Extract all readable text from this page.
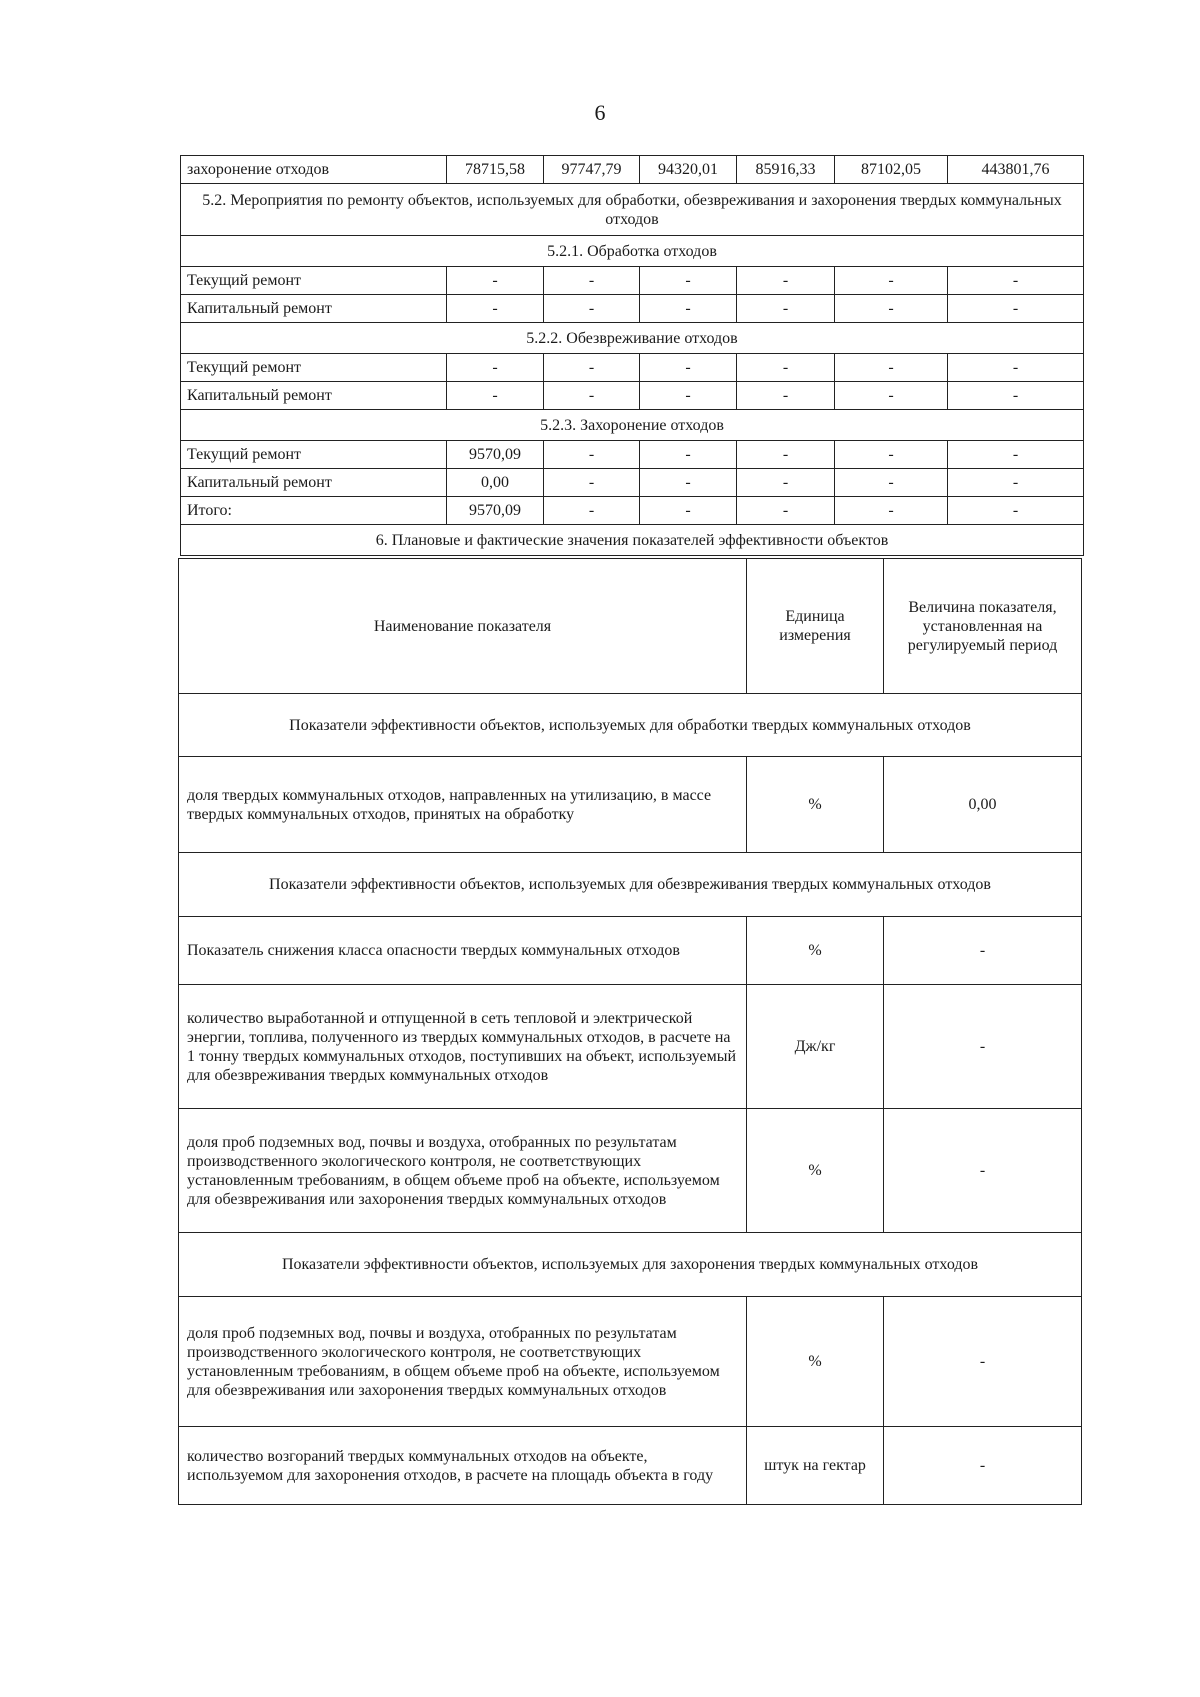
6
захоронение отходов	78715,58	97747,79	94320,01	85916,33	87102,05	443801,76
5.2. Мероприятия по ремонту объектов, используемых для обработки, обезвреживания и захоронения твердых коммунальных отходов						
5.2.1. Обработка отходов						
Текущий ремонт	-	-	-	-	-	-
Капитальный ремонт	-	-	-	-	-	-
5.2.2. Обезвреживание отходов						
Текущий ремонт	-	-	-	-	-	-
Капитальный ремонт	-	-	-	-	-	-
5.2.3. Захоронение отходов						
Текущий ремонт	9570,09	-	-	-	-	-
Капитальный ремонт	0,00	-	-	-	-	-
Итого:	9570,09	-	-	-	-	-
6. Плановые и фактические значения показателей эффективности объектов						
Наименование показателя	Единица измерения	Величина показателя, установленная на регулируемый период
Показатели эффективности объектов, используемых для обработки твердых коммунальных отходов		
доля твердых коммунальных отходов, направленных на утилизацию, в массе твердых коммунальных отходов, принятых на обработку	%	0,00
Показатели эффективности объектов, используемых для обезвреживания твердых коммунальных отходов		
Показатель снижения класса опасности твердых коммунальных отходов	%	-
количество выработанной и отпущенной в сеть тепловой и электрической энергии, топлива, полученного из твердых коммунальных отходов, в расчете на 1 тонну твердых коммунальных отходов, поступивших на объект, используемый для обезвреживания твердых коммунальных отходов	Дж/кг	-
доля проб подземных вод, почвы и воздуха, отобранных по результатам производственного экологического контроля, не соответствующих установленным требованиям, в общем объеме проб на объекте, используемом для обезвреживания или захоронения твердых коммунальных отходов	%	-
Показатели эффективности объектов, используемых для захоронения твердых коммунальных отходов		
доля проб подземных вод, почвы и воздуха, отобранных по результатам производственного экологического контроля, не соответствующих установленным требованиям, в общем объеме проб на объекте, используемом для обезвреживания или захоронения твердых коммунальных отходов	%	-
количество возгораний твердых коммунальных отходов на объекте, используемом для захоронения отходов, в расчете на площадь объекта в году	штук на гектар	-
